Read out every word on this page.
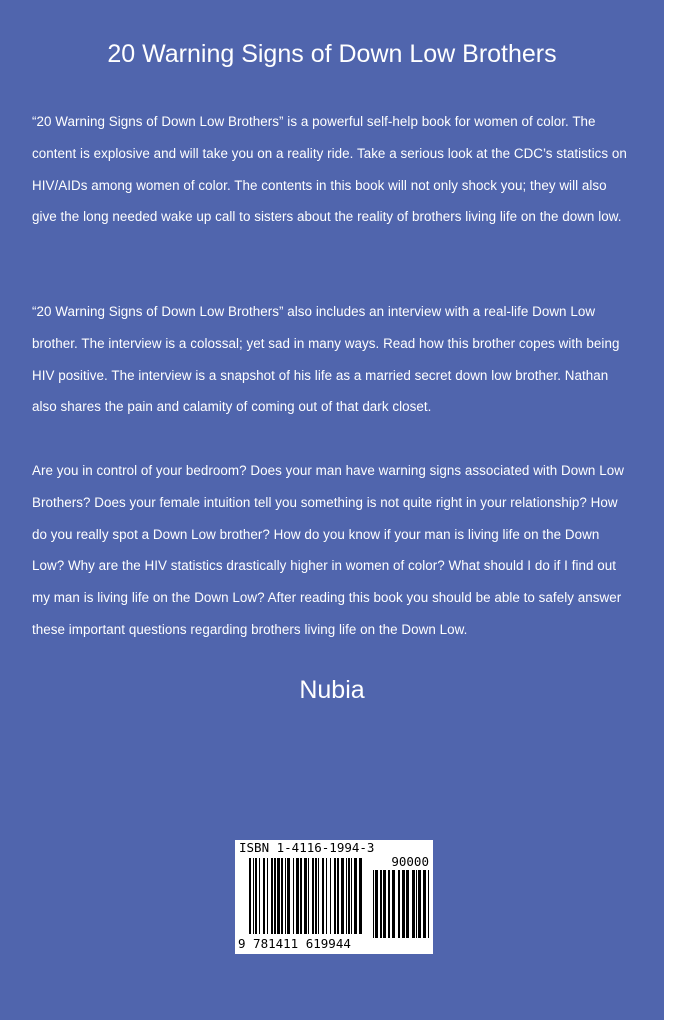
20 Warning Signs of Down Low Brothers

“20 Warning Signs of Down Low Brothers” is a powerful self-help book for women of color. The content is explosive and will take you on a reality ride. Take a serious look at the CDC’s statistics on HIV/AIDs among women of color. The contents in this book will not only shock you; they will also give the long needed wake up call to sisters about the reality of brothers living life on the down low.

“20 Warning Signs of Down Low Brothers” also includes an interview with a real-life Down Low brother. The interview is a colossal; yet sad in many ways. Read how this brother copes with being HIV positive. The interview is a snapshot of his life as a married secret down low brother. Nathan also shares the pain and calamity of coming out of that dark closet.

Are you in control of your bedroom? Does your man have warning signs associated with Down Low Brothers? Does your female intuition tell you something is not quite right in your relationship? How do you really spot a Down Low brother? How do you know if your man is living life on the Down Low? Why are the HIV statistics drastically higher in women of color? What should I do if I find out my man is living life on the Down Low? After reading this book you should be able to safely answer these important questions regarding brothers living life on the Down Low.

Nubia
ISBN 1-4116-1994-3
90000
9 781411 619944
